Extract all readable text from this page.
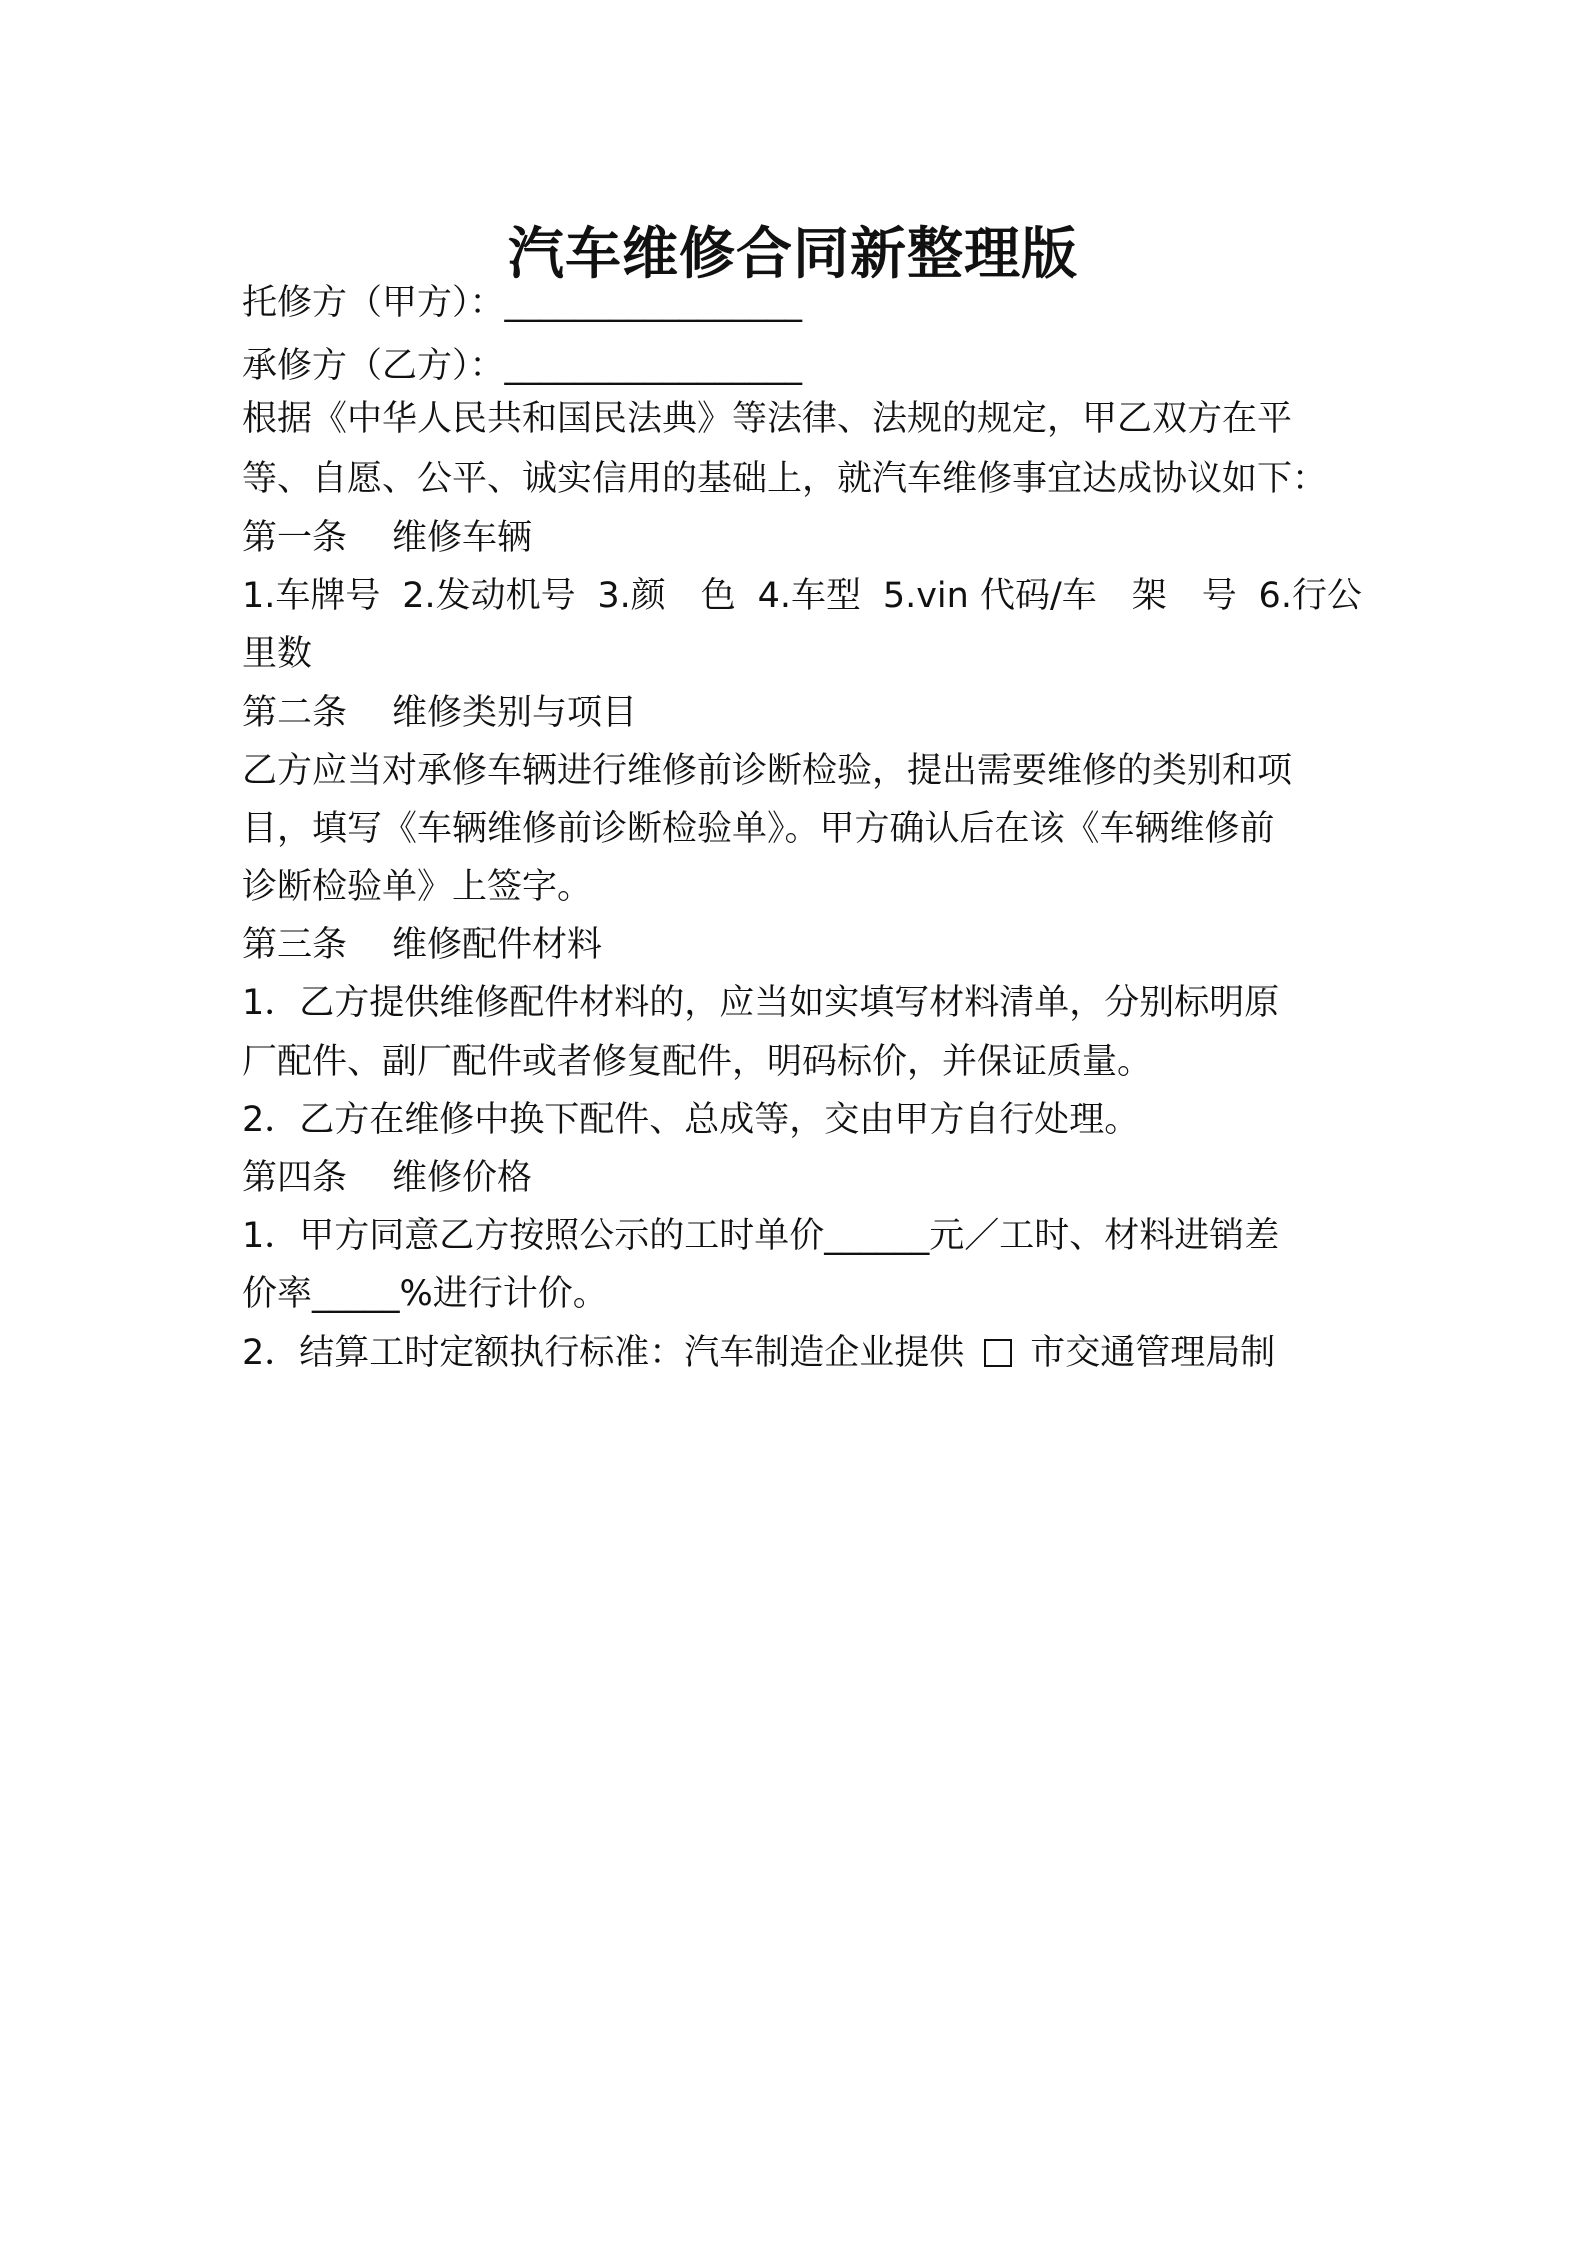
汽车维修合同新整理版
托修方（甲方）：_________________
承修方（乙方）：_________________
根据《中华人民共和国民法典》等法律、法规的规定，甲乙双方在平
等、自愿、公平、诚实信用的基础上，就汽车维修事宜达成协议如下：
第一条 维修车辆
1.车牌号 2.发动机号 3.颜　色 4.车型 5.vin 代码/车　架　号 6.行公
里数
第二条 维修类别与项目
乙方应当对承修车辆进行维修前诊断检验，提出需要维修的类别和项
目，填写《车辆维修前诊断检验单》。甲方确认后在该《车辆维修前
诊断检验单》上签字。
第三条 维修配件材料
1．乙方提供维修配件材料的，应当如实填写材料清单，分别标明原
厂配件、副厂配件或者修复配件，明码标价，并保证质量。
2．乙方在维修中换下配件、总成等，交由甲方自行处理。
第四条 维修价格
1．甲方同意乙方按照公示的工时单价______元／工时、材料进销差
价率_____%进行计价。
2．结算工时定额执行标准：汽车制造企业提供 市交通管理局制
